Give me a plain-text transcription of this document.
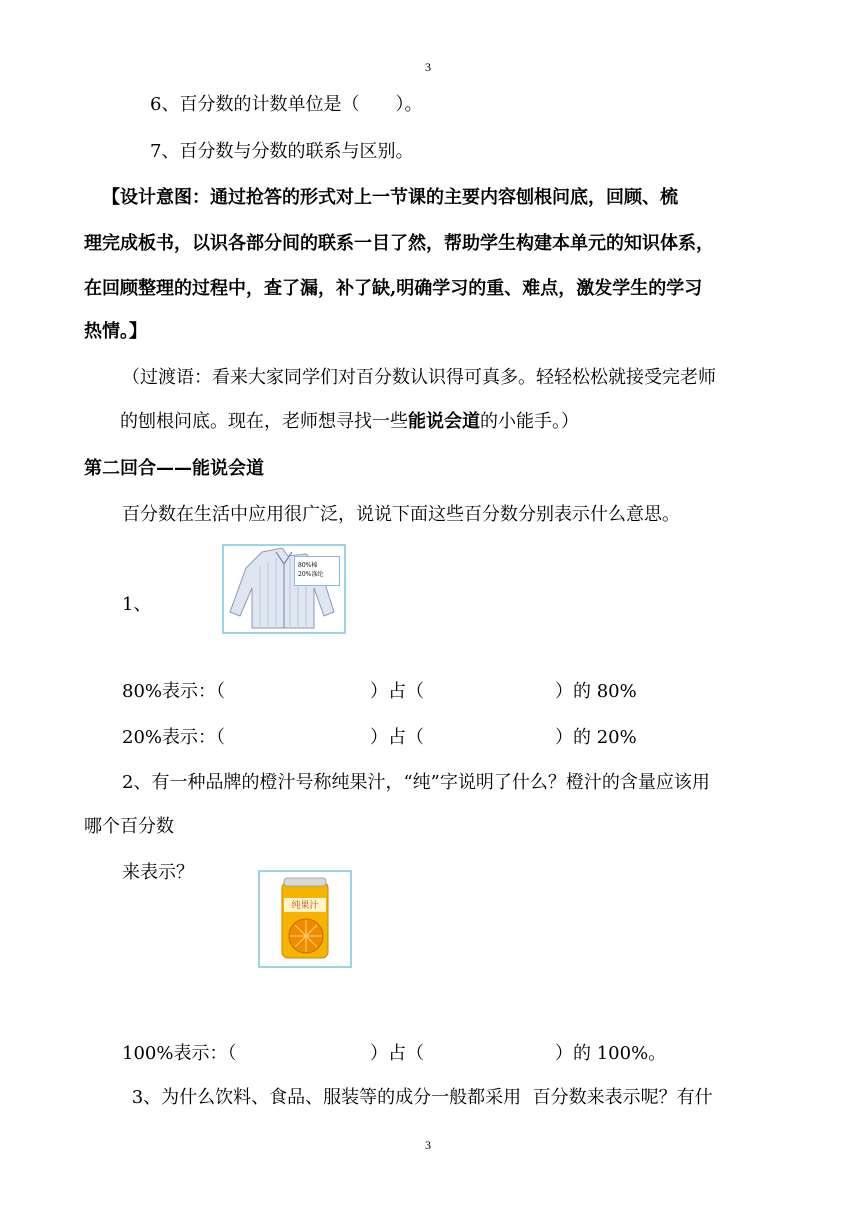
3
6、百分数的计数单位是（　　）。
7、百分数与分数的联系与区别。
【设计意图：通过抢答的形式对上一节课的主要内容刨根问底，回顾、梳
理完成板书，以识各部分间的联系一目了然，帮助学生构建本单元的知识体系，
在回顾整理的过程中，查了漏，补了缺,明确学习的重、难点，激发学生的学习
热情。】
（过渡语：看来大家同学们对百分数认识得可真多。轻轻松松就接受完老师
的刨根问底。现在，老师想寻找一些能说会道的小能手。）
第二回合——能说会道
百分数在生活中应用很广泛，说说下面这些百分数分别表示什么意思。
1、
80%棉
20%涤纶
80%表示：（	）占（	）的 80%
20%表示：（	）占（	）的 20%
2、有一种品牌的橙汁号称纯果汁，“纯”字说明了什么？橙汁的含量应该用
哪个百分数
来表示？
纯果汁
100%表示：（	）占（	）的 100%。
3、为什么饮料、食品、服装等的成分一般都采用  百分数来表示呢？有什
3
